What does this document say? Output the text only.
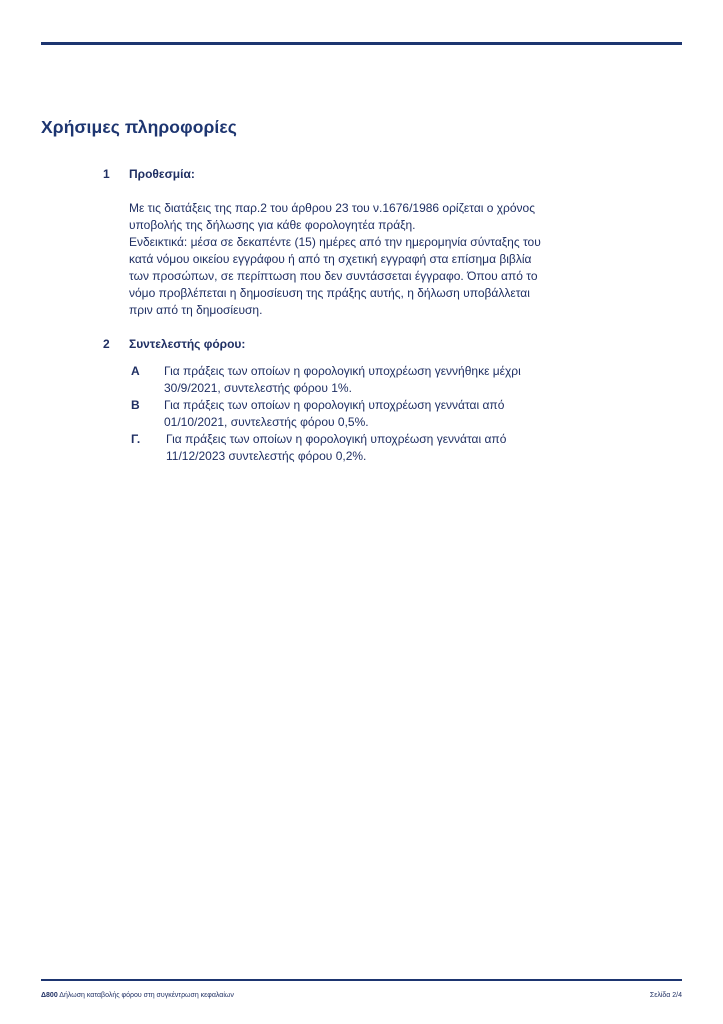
Χρήσιμες πληροφορίες
1 Προθεσμία:
Με τις διατάξεις της παρ.2 του άρθρου 23 του ν.1676/1986 ορίζεται ο χρόνος
υποβολής της δήλωσης για κάθε φορολογητέα πράξη.
Ενδεικτικά: μέσα σε δεκαπέντε (15) ημέρες από την ημερομηνία σύνταξης του
κατά νόμου οικείου εγγράφου ή από τη σχετική εγγραφή στα επίσημα βιβλία
των προσώπων, σε περίπτωση που δεν συντάσσεται έγγραφο. Όπου από το
νόμο προβλέπεται η δημοσίευση της πράξης αυτής, η δήλωση υποβάλλεται
πριν από τη δημοσίευση.
2 Συντελεστής φόρου:
Α Για πράξεις των οποίων η φορολογική υποχρέωση γεννήθηκε μέχρι
30/9/2021, συντελεστής φόρου 1%.
Β Για πράξεις των οποίων η φορολογική υποχρέωση γεννάται από
01/10/2021, συντελεστής φόρου 0,5%.
Γ. Για πράξεις των οποίων η φορολογική υποχρέωση γεννάται από
11/12/2023 συντελεστής φόρου 0,2%.
Δ800 Δήλωση καταβολής φόρου στη συγκέντρωση κεφαλαίων	Σελίδα 2/4
